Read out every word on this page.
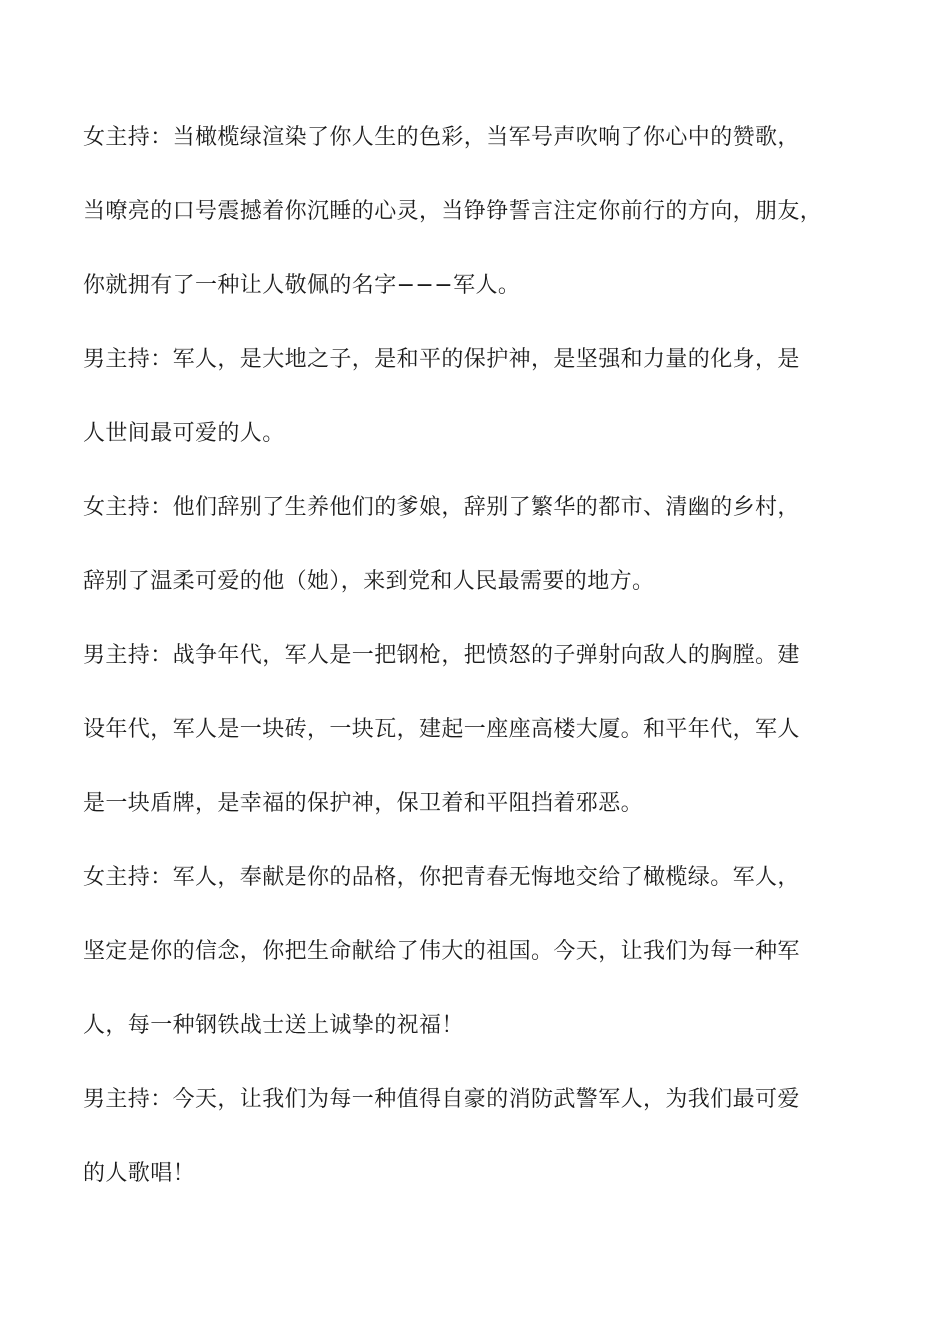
女主持：当橄榄绿渲染了你人生的色彩，当军号声吹响了你心中的赞歌，
当嘹亮的口号震撼着你沉睡的心灵，当铮铮誓言注定你前行的方向，朋友，
你就拥有了一种让人敬佩的名字−−−军人。
男主持：军人，是大地之子，是和平的保护神，是坚强和力量的化身，是
人世间最可爱的人。
女主持：他们辞别了生养他们的爹娘，辞别了繁华的都市、清幽的乡村，
辞别了温柔可爱的他（她），来到党和人民最需要的地方。
男主持：战争年代，军人是一把钢枪，把愤怒的子弹射向敌人的胸膛。建
设年代，军人是一块砖，一块瓦，建起一座座高楼大厦。和平年代，军人
是一块盾牌，是幸福的保护神，保卫着和平阻挡着邪恶。
女主持：军人，奉献是你的品格，你把青春无悔地交给了橄榄绿。军人，
坚定是你的信念，你把生命献给了伟大的祖国。今天，让我们为每一种军
人，每一种钢铁战士送上诚挚的祝福！
男主持：今天，让我们为每一种值得自豪的消防武警军人，为我们最可爱
的人歌唱！
